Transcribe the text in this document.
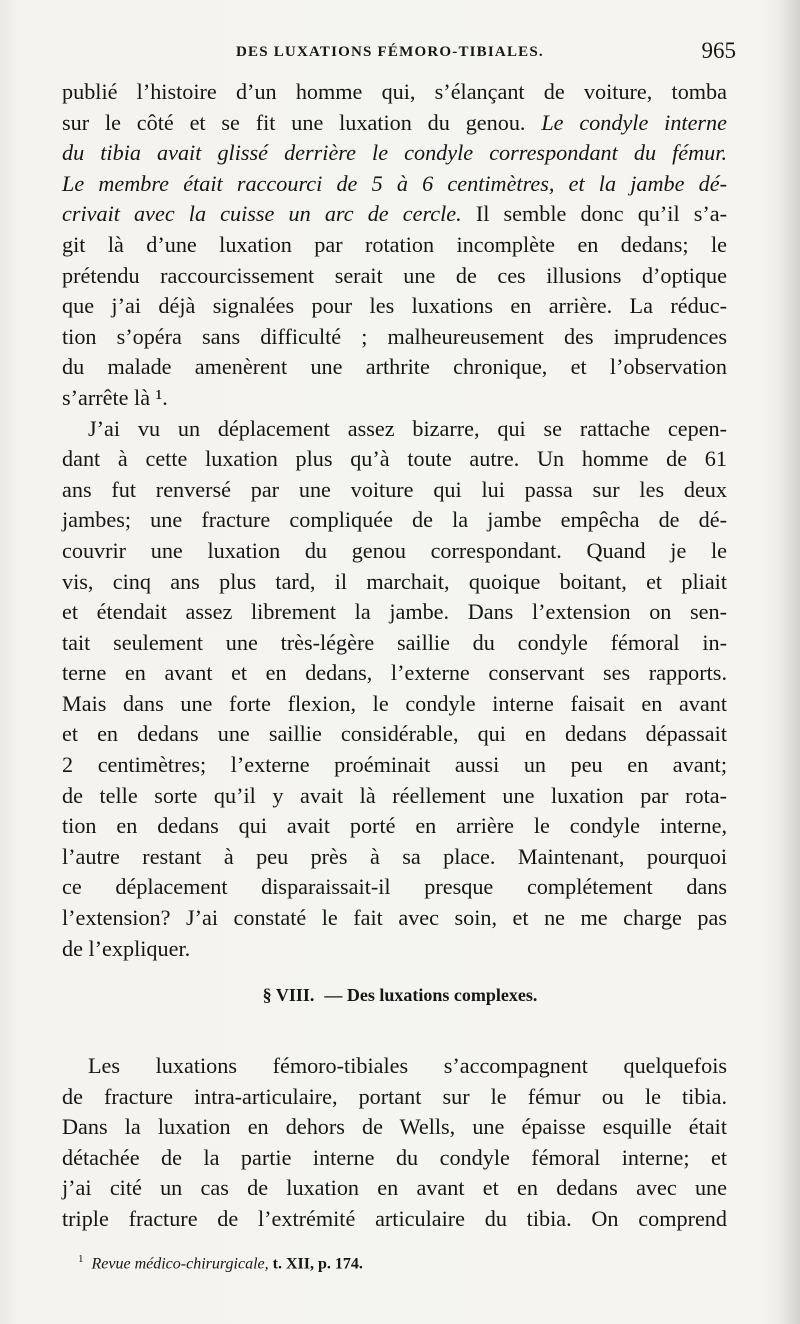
DES LUXATIONS FÉMORO-TIBIALES.	965
publié l’histoire d’un homme qui, s’élançant de voiture, tomba
sur le côté et se fit une luxation du genou. Le condyle interne
du tibia avait glissé derrière le condyle correspondant du fémur.
Le membre était raccourci de 5 à 6 centimètres, et la jambe dé-
crivait avec la cuisse un arc de cercle. Il semble donc qu’il s’a-
git là d’une luxation par rotation incomplète en dedans; le
prétendu raccourcissement serait une de ces illusions d’optique
que j’ai déjà signalées pour les luxations en arrière. La réduc-
tion s’opéra sans difficulté ; malheureusement des imprudences
du malade amenèrent une arthrite chronique, et l’observation
s’arrête là ¹.
J’ai vu un déplacement assez bizarre, qui se rattache cepen-
dant à cette luxation plus qu’à toute autre. Un homme de 61
ans fut renversé par une voiture qui lui passa sur les deux
jambes; une fracture compliquée de la jambe empêcha de dé-
couvrir une luxation du genou correspondant. Quand je le
vis, cinq ans plus tard, il marchait, quoique boitant, et pliait
et étendait assez librement la jambe. Dans l’extension on sen-
tait seulement une très-légère saillie du condyle fémoral in-
terne en avant et en dedans, l’externe conservant ses rapports.
Mais dans une forte flexion, le condyle interne faisait en avant
et en dedans une saillie considérable, qui en dedans dépassait
2 centimètres; l’externe proéminait aussi un peu en avant;
de telle sorte qu’il y avait là réellement une luxation par rota-
tion en dedans qui avait porté en arrière le condyle interne,
l’autre restant à peu près à sa place. Maintenant, pourquoi
ce déplacement disparaissait-il presque complétement dans
l’extension? J’ai constaté le fait avec soin, et ne me charge pas
de l’expliquer.
§ VIII. — Des luxations complexes.
Les luxations fémoro-tibiales s’accompagnent quelquefois
de fracture intra-articulaire, portant sur le fémur ou le tibia.
Dans la luxation en dehors de Wells, une épaisse esquille était
détachée de la partie interne du condyle fémoral interne; et
j’ai cité un cas de luxation en avant et en dedans avec une
triple fracture de l’extrémité articulaire du tibia. On comprend
$^1$ Revue médico-chirurgicale, t. XII, p. 174.
